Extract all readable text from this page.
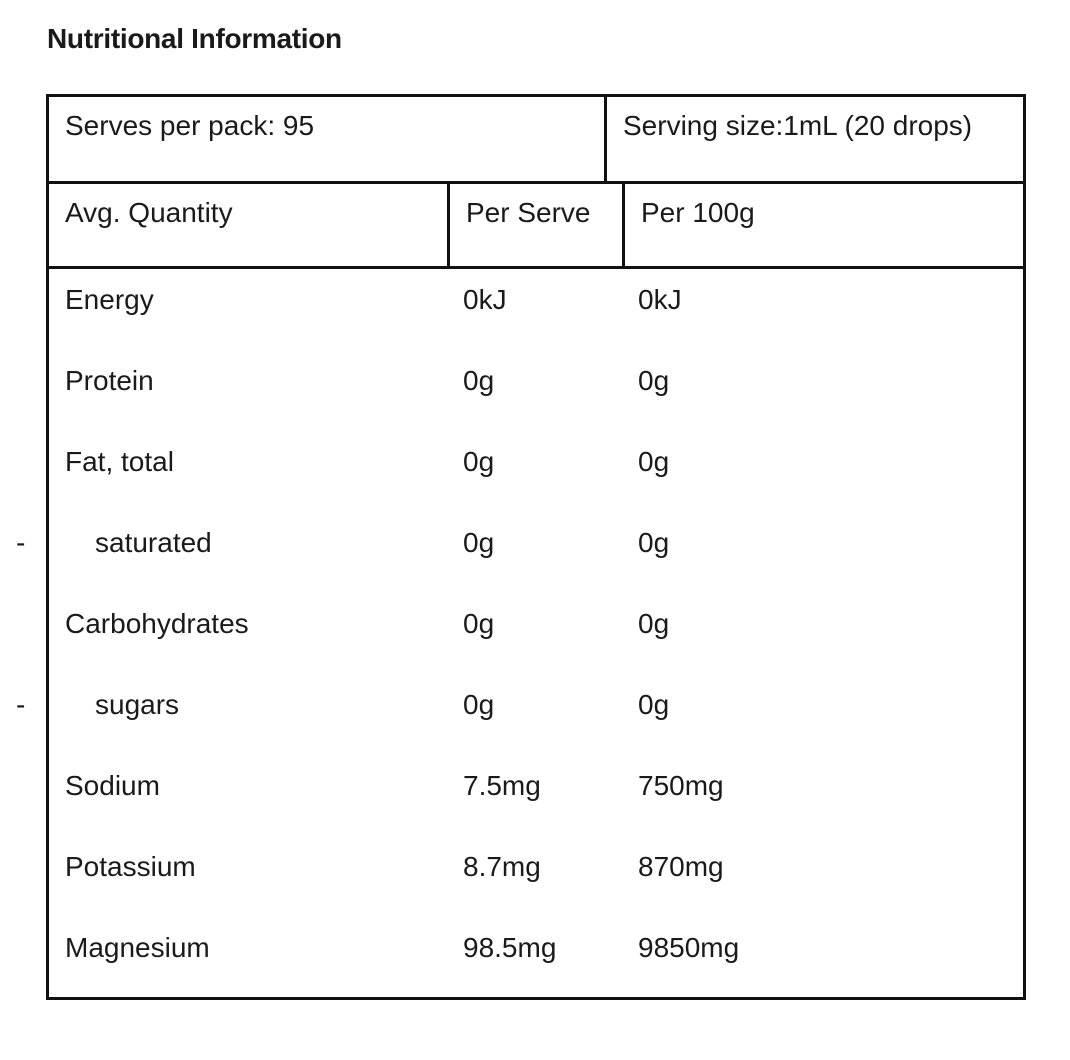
Nutritional Information
Serves per pack: 95	Serving size:1mL (20 drops)
Avg. Quantity	Per Serve	Per 100g
Energy	0kJ	0kJ
Protein	0g	0g
Fat, total	0g	0g
saturated	0g	0g
Carbohydrates	0g	0g
sugars	0g	0g
Sodium	7.5mg	750mg
Potassium	8.7mg	870mg
Magnesium	98.5mg	9850mg
-
-
